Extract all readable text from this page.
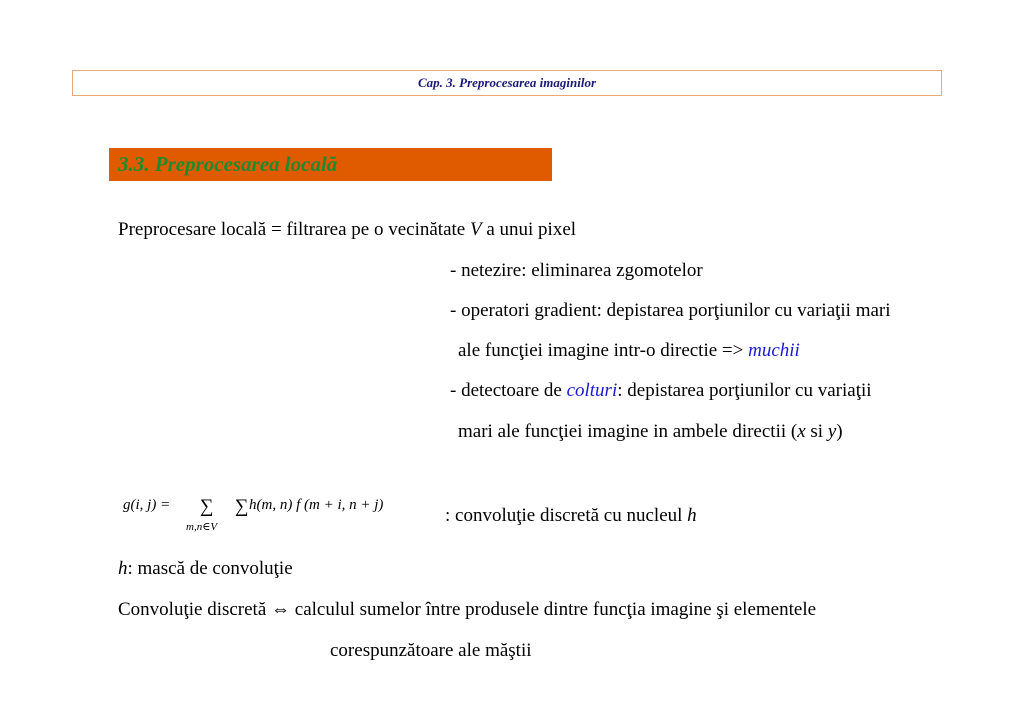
Cap. 3. Preprocesarea imaginilor
3.3. Preprocesarea locală
Preprocesare locală = filtrarea pe o vecinătate V a unui pixel
- netezire: eliminarea zgomotelor
- operatori gradient: depistarea porţiunilor cu variaţii mari
ale funcţiei imagine intr-o directie => muchii
- detectoare de colturi: depistarea porţiunilor cu variaţii
mari ale funcţiei imagine in ambele directii (x si y)
g(i, j) = ∑ ∑ h(m, n) f (m + i, n + j)
m,n∈V
: convoluţie discretă cu nucleul h
h: mască de convoluţie
Convoluţie discretă ⇔ calculul sumelor între produsele dintre funcţia imagine şi elementele
corespunzătoare ale măştii
